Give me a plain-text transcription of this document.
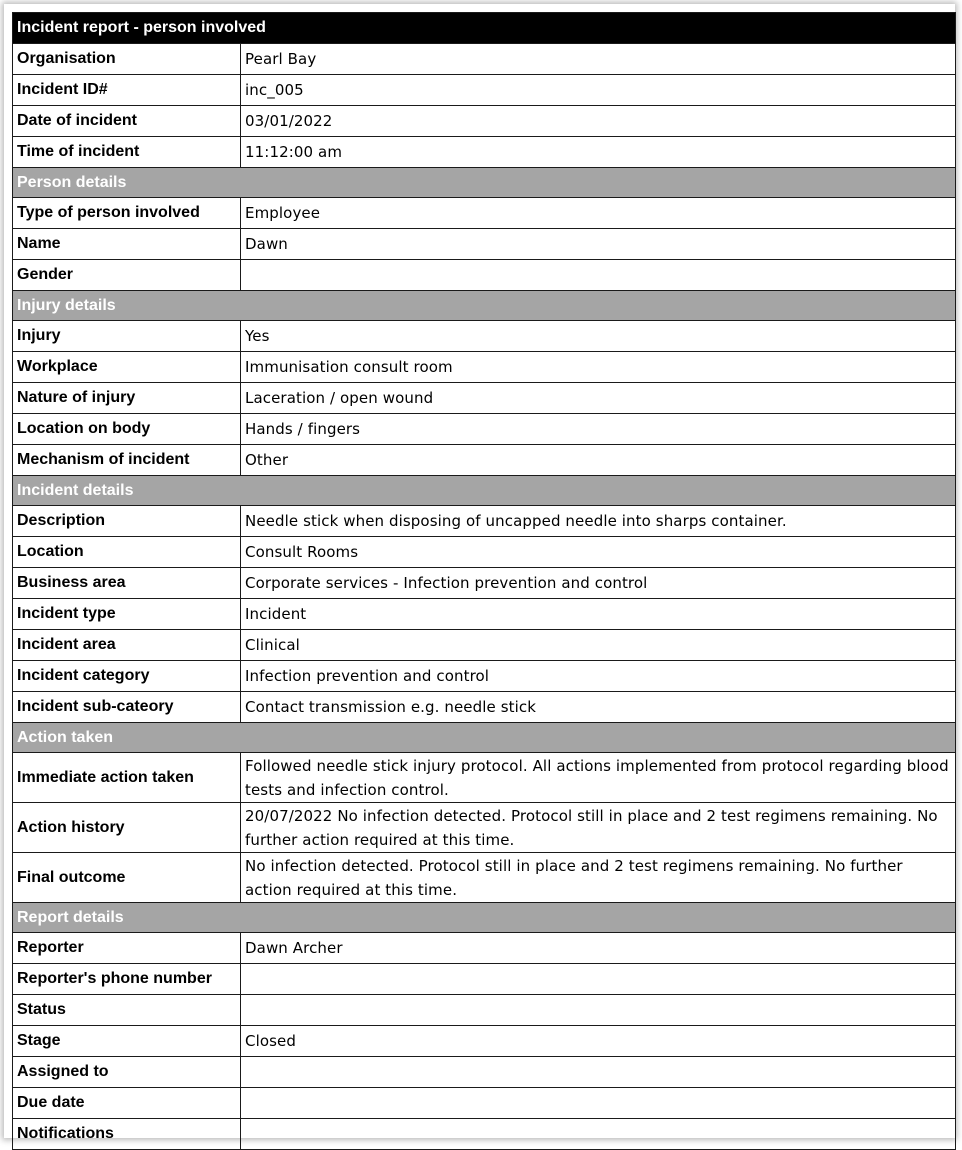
Incident report - person involved	
Organisation	Pearl Bay
Incident ID#	inc_005
Date of incident	03/01/2022
Time of incident	11:12:00 am
Person details	
Type of person involved	Employee
Name	Dawn
Gender	
Injury details	
Injury	Yes
Workplace	Immunisation consult room
Nature of injury	Laceration / open wound
Location on body	Hands / fingers
Mechanism of incident	Other
Incident details	
Description	Needle stick when disposing of uncapped needle into sharps container.
Location	Consult Rooms
Business area	Corporate services - Infection prevention and control
Incident type	Incident
Incident area	Clinical
Incident category	Infection prevention and control
Incident sub-cateory	Contact transmission e.g. needle stick
Action taken	
Immediate action taken	Followed needle stick injury protocol. All actions implemented from protocol regarding blood tests and infection control.
Action history	20/07/2022 No infection detected. Protocol still in place and 2 test regimens remaining. No further action required at this time.
Final outcome	No infection detected. Protocol still in place and 2 test regimens remaining. No further action required at this time.
Report details	
Reporter	Dawn Archer
Reporter's phone number	
Status	
Stage	Closed
Assigned to	
Due date	
Notifications	
